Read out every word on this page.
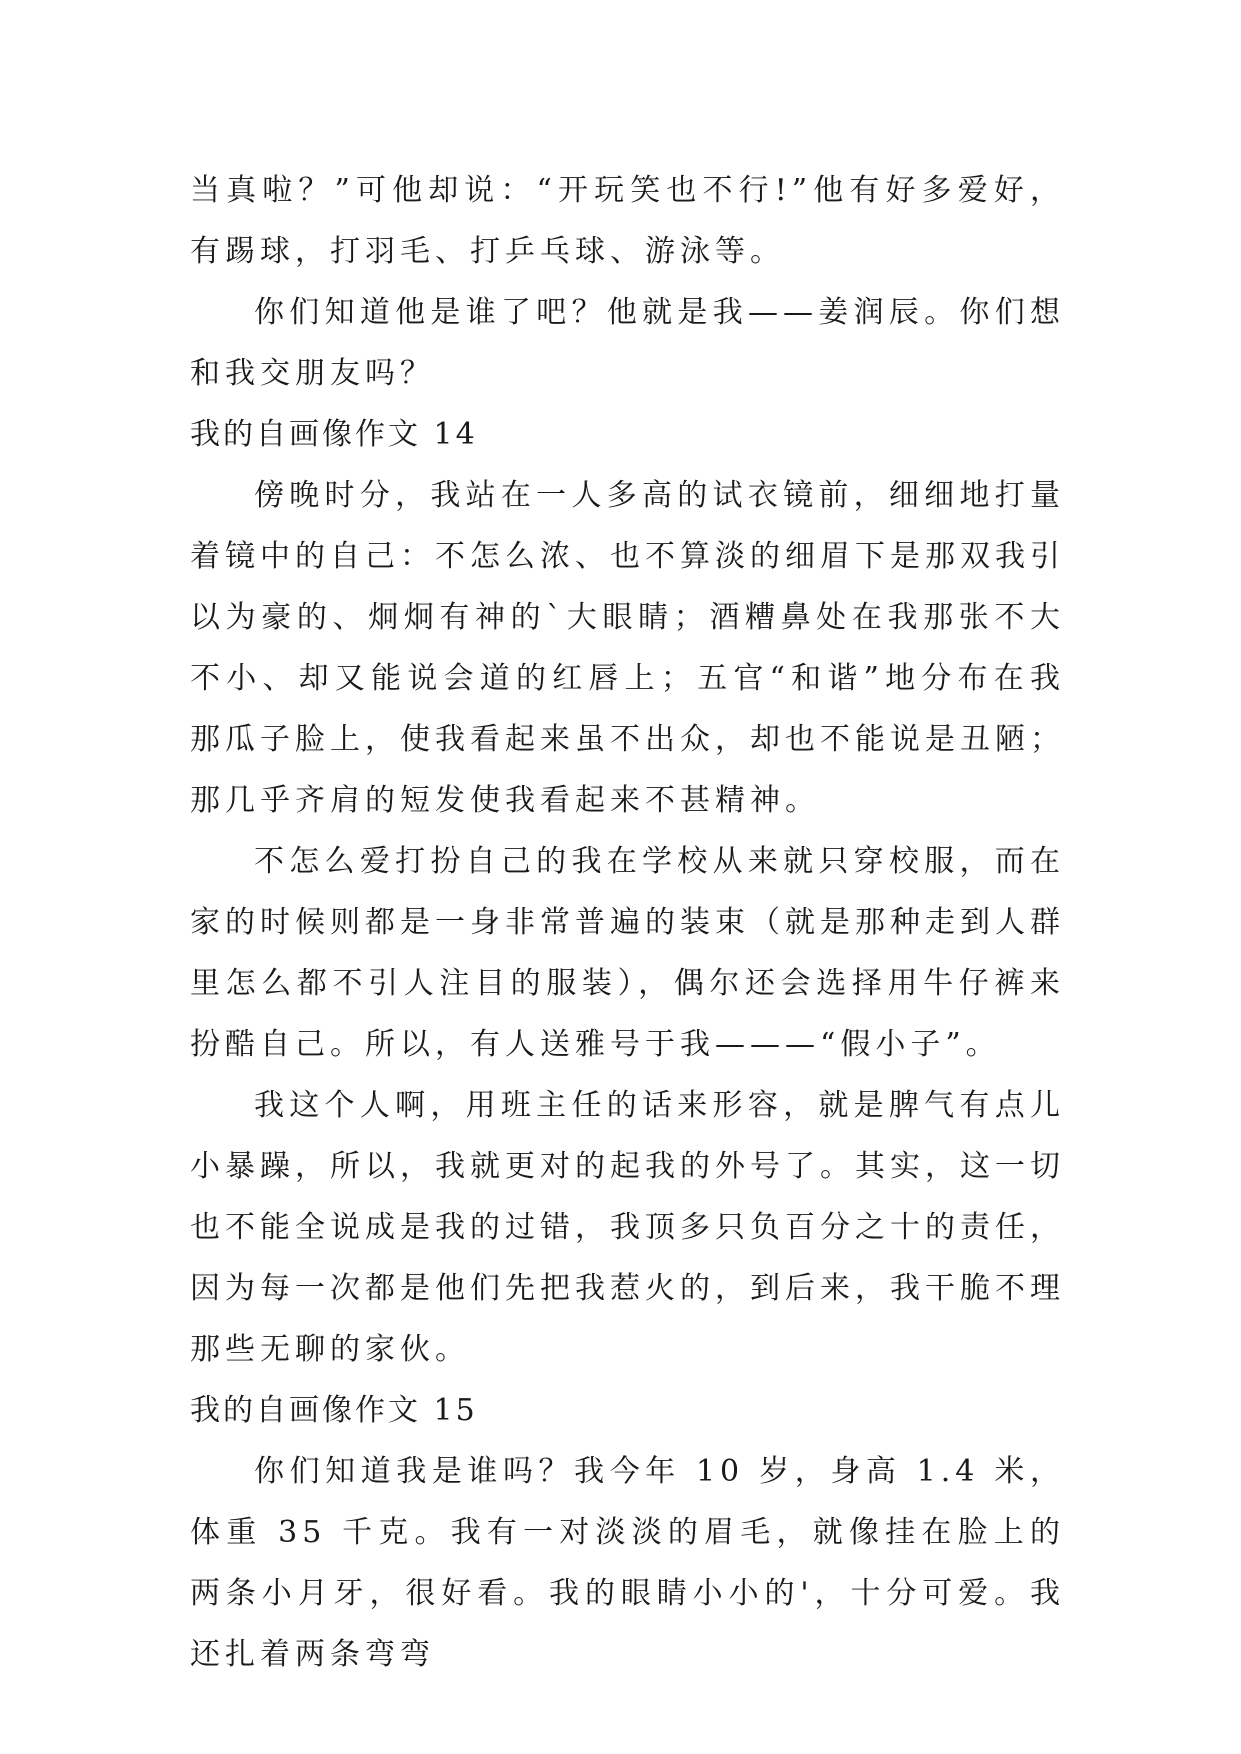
当真啦？”可他却说：“开玩笑也不行!”他有好多爱好，有踢球，打羽毛、打乒乓球、游泳等。

你们知道他是谁了吧？他就是我——姜润辰。你们想和我交朋友吗？

我的自画像作文 14

傍晚时分，我站在一人多高的试衣镜前，细细地打量着镜中的自己：不怎么浓、也不算淡的细眉下是那双我引以为豪的、炯炯有神的`大眼睛；酒糟鼻处在我那张不大不小、却又能说会道的红唇上；五官“和谐”地分布在我那瓜子脸上，使我看起来虽不出众，却也不能说是丑陋；那几乎齐肩的短发使我看起来不甚精神。

不怎么爱打扮自己的我在学校从来就只穿校服，而在家的时候则都是一身非常普遍的装束（就是那种走到人群里怎么都不引人注目的服装），偶尔还会选择用牛仔裤来扮酷自己。所以，有人送雅号于我———“假小子”。

我这个人啊，用班主任的话来形容，就是脾气有点儿小暴躁，所以，我就更对的起我的外号了。其实，这一切也不能全说成是我的过错，我顶多只负百分之十的责任，因为每一次都是他们先把我惹火的，到后来，我干脆不理那些无聊的家伙。

我的自画像作文 15

你们知道我是谁吗？我今年 10 岁，身高 1.4 米，体重 35 千克。我有一对淡淡的眉毛，就像挂在脸上的两条小月牙，很好看。我的眼睛小小的'，十分可爱。我还扎着两条弯弯
